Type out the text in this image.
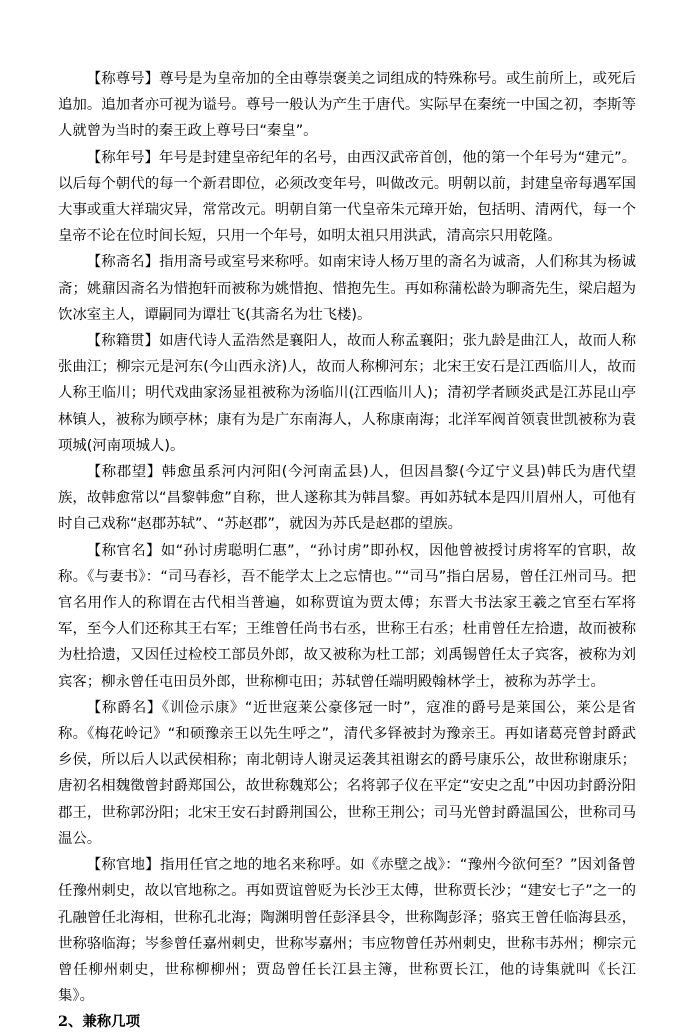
【称尊号】尊号是为皇帝加的全由尊崇褒美之词组成的特殊称号。或生前所上，或死后追加。追加者亦可视为谥号。尊号一般认为产生于唐代。实际早在秦统一中国之初，李斯等人就曾为当时的秦王政上尊号曰“秦皇”。

【称年号】年号是封建皇帝纪年的名号，由西汉武帝首创，他的第一个年号为“建元”。以后每个朝代的每一个新君即位，必须改变年号，叫做改元。明朝以前，封建皇帝每遇军国大事或重大祥瑞灾异，常常改元。明朝自第一代皇帝朱元璋开始，包括明、清两代，每一个皇帝不论在位时间长短，只用一个年号，如明太祖只用洪武，清高宗只用乾隆。

【称斋名】指用斋号或室号来称呼。如南宋诗人杨万里的斋名为诚斋，人们称其为杨诚斋；姚鼐因斋名为惜抱轩而被称为姚惜抱、惜抱先生。再如称蒲松龄为聊斋先生，梁启超为饮冰室主人，谭嗣同为谭壮飞(其斋名为壮飞楼)。

【称籍贯】如唐代诗人孟浩然是襄阳人，故而人称孟襄阳；张九龄是曲江人，故而人称张曲江；柳宗元是河东(今山西永济)人，故而人称柳河东；北宋王安石是江西临川人，故而人称王临川；明代戏曲家汤显祖被称为汤临川(江西临川人)；清初学者顾炎武是江苏昆山亭林镇人，被称为顾亭林；康有为是广东南海人，人称康南海；北洋军阀首领袁世凯被称为袁项城(河南项城人)。

【称郡望】韩愈虽系河内河阳(今河南孟县)人，但因昌黎(今辽宁义县)韩氏为唐代望族，故韩愈常以“昌黎韩愈”自称，世人遂称其为韩昌黎。再如苏轼本是四川眉州人，可他有时自己戏称“赵郡苏轼”、“苏赵郡”，就因为苏氏是赵郡的望族。

【称官名】如“孙讨虏聪明仁惠”，“孙讨虏”即孙权，因他曾被授讨虏将军的官职，故称。《与妻书》：“司马春衫，吾不能学太上之忘情也。”“司马”指白居易，曾任江州司马。把官名用作人的称谓在古代相当普遍，如称贾谊为贾太傅；东晋大书法家王羲之官至右军将军，至今人们还称其王右军；王维曾任尚书右丞，世称王右丞；杜甫曾任左拾遗，故而被称为杜拾遗，又因任过检校工部员外郎，故又被称为杜工部；刘禹锡曾任太子宾客，被称为刘宾客；柳永曾任屯田员外郎，世称柳屯田；苏轼曾任端明殿翰林学士，被称为苏学士。

【称爵名】《训俭示康》“近世寇莱公豪侈冠一时”，寇准的爵号是莱国公，莱公是省称。《梅花岭记》“和硕豫亲王以先生呼之”，清代多铎被封为豫亲王。再如诸葛亮曾封爵武乡侯，所以后人以武侯相称；南北朝诗人谢灵运袭其祖谢玄的爵号康乐公，故世称谢康乐；唐初名相魏徵曾封爵郑国公，故世称魏郑公；名将郭子仪在平定“安史之乱”中因功封爵汾阳郡王，世称郭汾阳；北宋王安石封爵荆国公，世称王荆公；司马光曾封爵温国公，世称司马温公。

【称官地】指用任官之地的地名来称呼。如《赤壁之战》：“豫州今欲何至？”因刘备曾任豫州刺史，故以官地称之。再如贾谊曾贬为长沙王太傅，世称贾长沙；“建安七子”之一的孔融曾任北海相，世称孔北海；陶渊明曾任彭泽县令，世称陶彭泽；骆宾王曾任临海县丞，世称骆临海；岑参曾任嘉州刺史，世称岑嘉州；韦应物曾任苏州刺史，世称韦苏州；柳宗元曾任柳州刺史，世称柳柳州；贾岛曾任长江县主簿，世称贾长江，他的诗集就叫《长江集》。

2、兼称几项
